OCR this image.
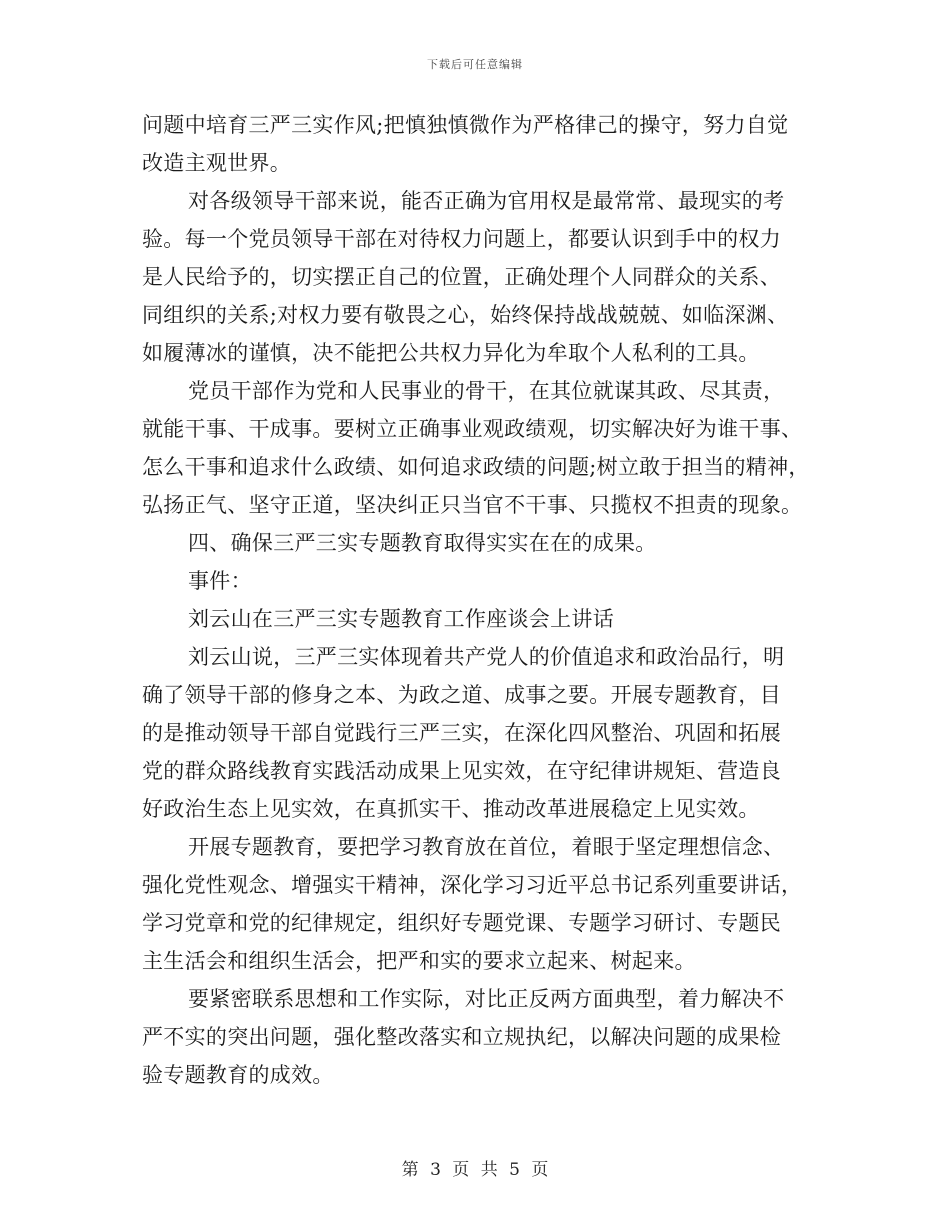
下载后可任意编辑
问题中培育三严三实作风;把慎独慎微作为严格律己的操守，努力自觉
改造主观世界。
对各级领导干部来说，能否正确为官用权是最常常、最现实的考
验。每一个党员领导干部在对待权力问题上，都要认识到手中的权力
是人民给予的，切实摆正自己的位置，正确处理个人同群众的关系、
同组织的关系;对权力要有敬畏之心，始终保持战战兢兢、如临深渊、
如履薄冰的谨慎，决不能把公共权力异化为牟取个人私利的工具。
党员干部作为党和人民事业的骨干，在其位就谋其政、尽其责，
就能干事、干成事。要树立正确事业观政绩观，切实解决好为谁干事、
怎么干事和追求什么政绩、如何追求政绩的问题;树立敢于担当的精神，
弘扬正气、坚守正道，坚决纠正只当官不干事、只揽权不担责的现象。
四、确保三严三实专题教育取得实实在在的成果。
事件：
刘云山在三严三实专题教育工作座谈会上讲话
刘云山说，三严三实体现着共产党人的价值追求和政治品行，明
确了领导干部的修身之本、为政之道、成事之要。开展专题教育，目
的是推动领导干部自觉践行三严三实，在深化四风整治、巩固和拓展
党的群众路线教育实践活动成果上见实效，在守纪律讲规矩、营造良
好政治生态上见实效，在真抓实干、推动改革进展稳定上见实效。
开展专题教育，要把学习教育放在首位，着眼于坚定理想信念、
强化党性观念、增强实干精神，深化学习习近平总书记系列重要讲话，
学习党章和党的纪律规定，组织好专题党课、专题学习研讨、专题民
主生活会和组织生活会，把严和实的要求立起来、树起来。
要紧密联系思想和工作实际，对比正反两方面典型，着力解决不
严不实的突出问题，强化整改落实和立规执纪，以解决问题的成果检
验专题教育的成效。
第 3 页 共 5 页
